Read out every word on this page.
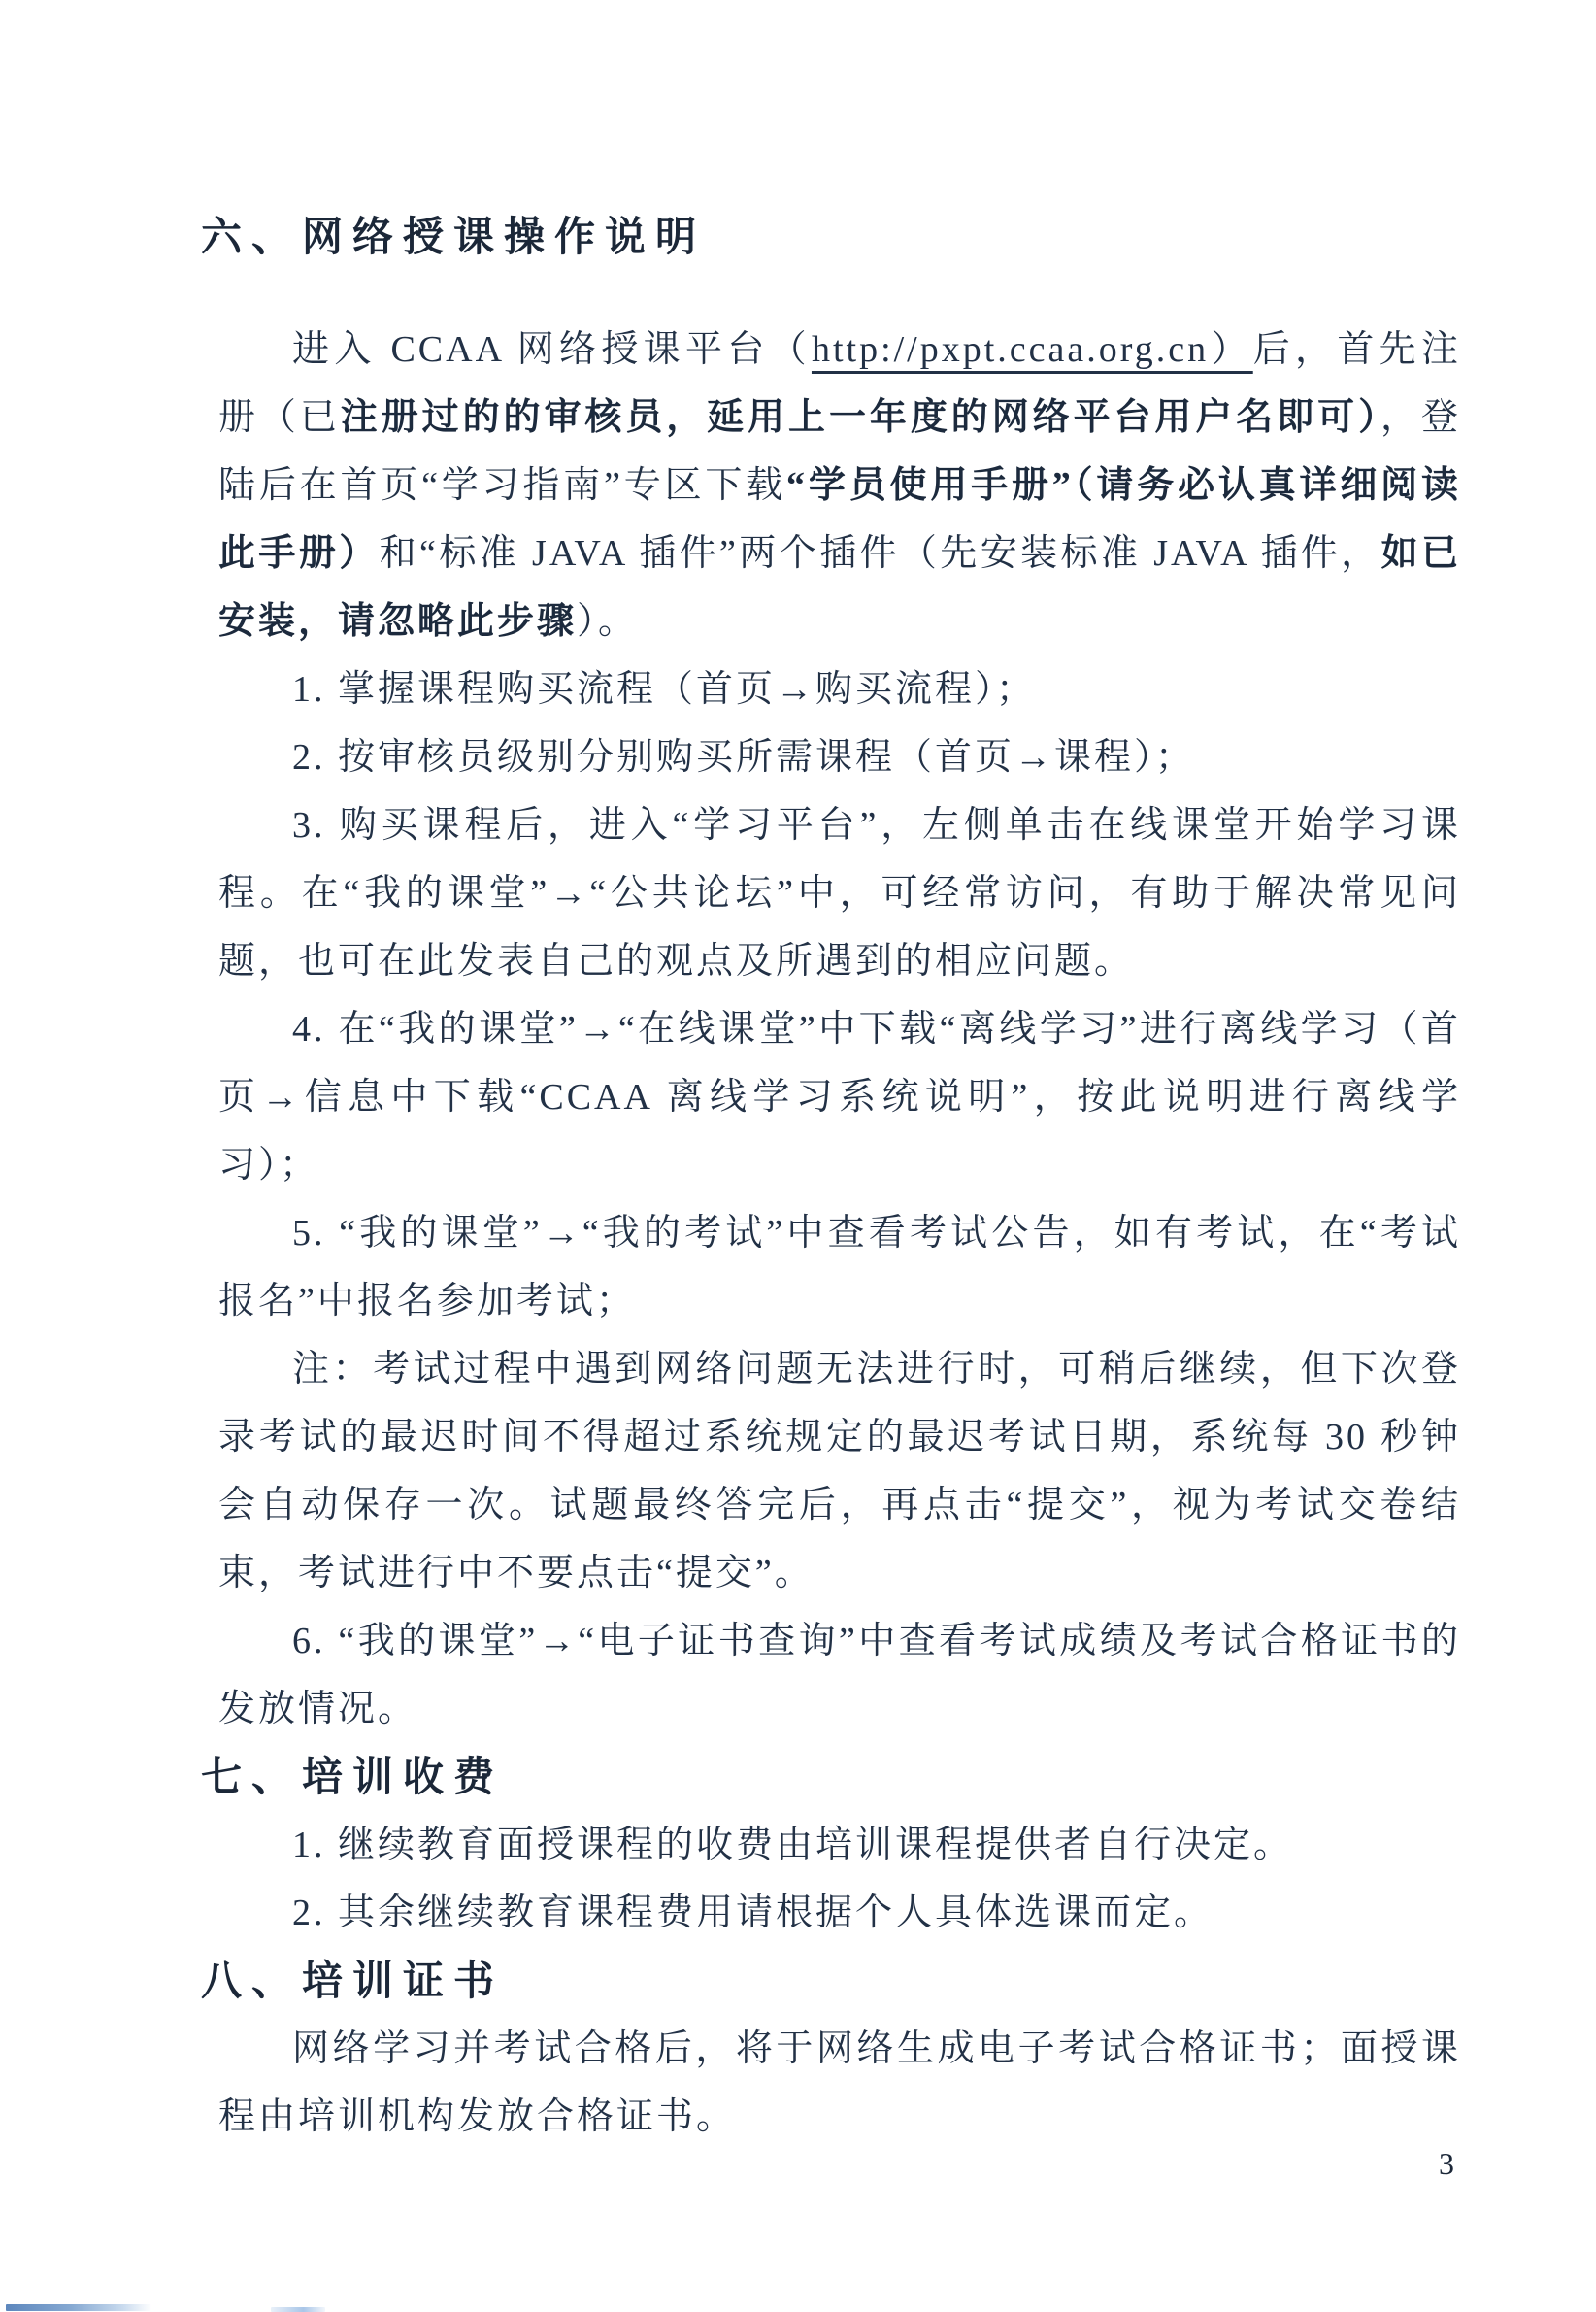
六、网络授课操作说明
进入 CCAA 网络授课平台（http://pxpt.ccaa.org.cn）后，首先注册（已注册过的的审核员，延用上一年度的网络平台用户名即可），登陆后在首页“学习指南”专区下载“学员使用手册”（请务必认真详细阅读此手册）和“标准 JAVA 插件”两个插件（先安装标准 JAVA 插件，如已安装，请忽略此步骤）。
1. 掌握课程购买流程（首页→购买流程）；
2. 按审核员级别分别购买所需课程（首页→课程）；
3. 购买课程后，进入“学习平台”，左侧单击在线课堂开始学习课程。在“我的课堂”→“公共论坛”中，可经常访问，有助于解决常见问题，也可在此发表自己的观点及所遇到的相应问题。
4. 在“我的课堂”→“在线课堂”中下载“离线学习”进行离线学习（首页→信息中下载“CCAA 离线学习系统说明”，按此说明进行离线学习）；
5. “我的课堂”→“我的考试”中查看考试公告，如有考试，在“考试报名”中报名参加考试；
注：考试过程中遇到网络问题无法进行时，可稍后继续，但下次登录考试的最迟时间不得超过系统规定的最迟考试日期，系统每 30 秒钟会自动保存一次。试题最终答完后，再点击“提交”，视为考试交卷结束，考试进行中不要点击“提交”。
6. “我的课堂”→“电子证书查询”中查看考试成绩及考试合格证书的发放情况。
七、培训收费
1. 继续教育面授课程的收费由培训课程提供者自行决定。
2. 其余继续教育课程费用请根据个人具体选课而定。
八、培训证书
网络学习并考试合格后，将于网络生成电子考试合格证书；面授课程由培训机构发放合格证书。
3
